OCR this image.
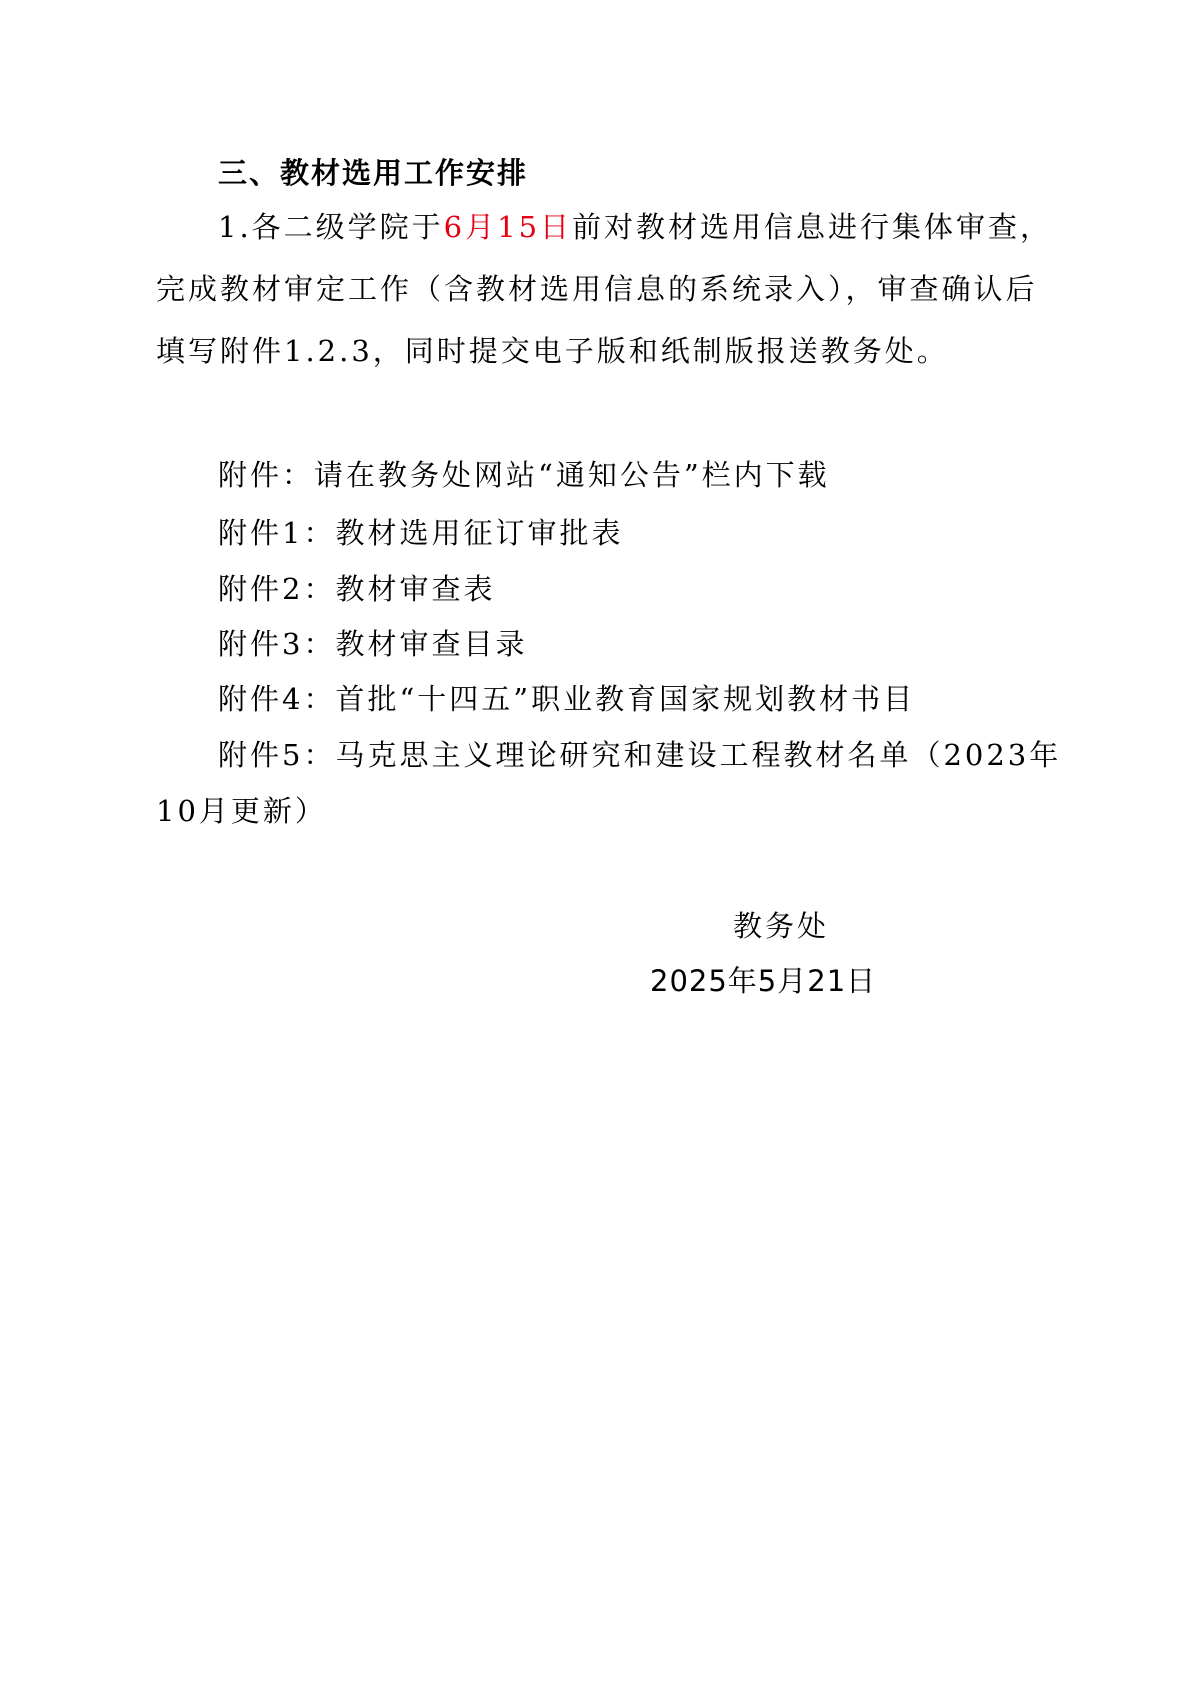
三、教材选用工作安排
1.各二级学院于6月15日前对教材选用信息进行集体审查，
完成教材审定工作（含教材选用信息的系统录入），审查确认后
填写附件1.2.3，同时提交电子版和纸制版报送教务处。
附件：请在教务处网站“通知公告”栏内下载
附件1：教材选用征订审批表
附件2：教材审查表
附件3：教材审查目录
附件4：首批“十四五”职业教育国家规划教材书目
附件5：马克思主义理论研究和建设工程教材名单（2023年
10月更新）
教务处
2025年5月21日
